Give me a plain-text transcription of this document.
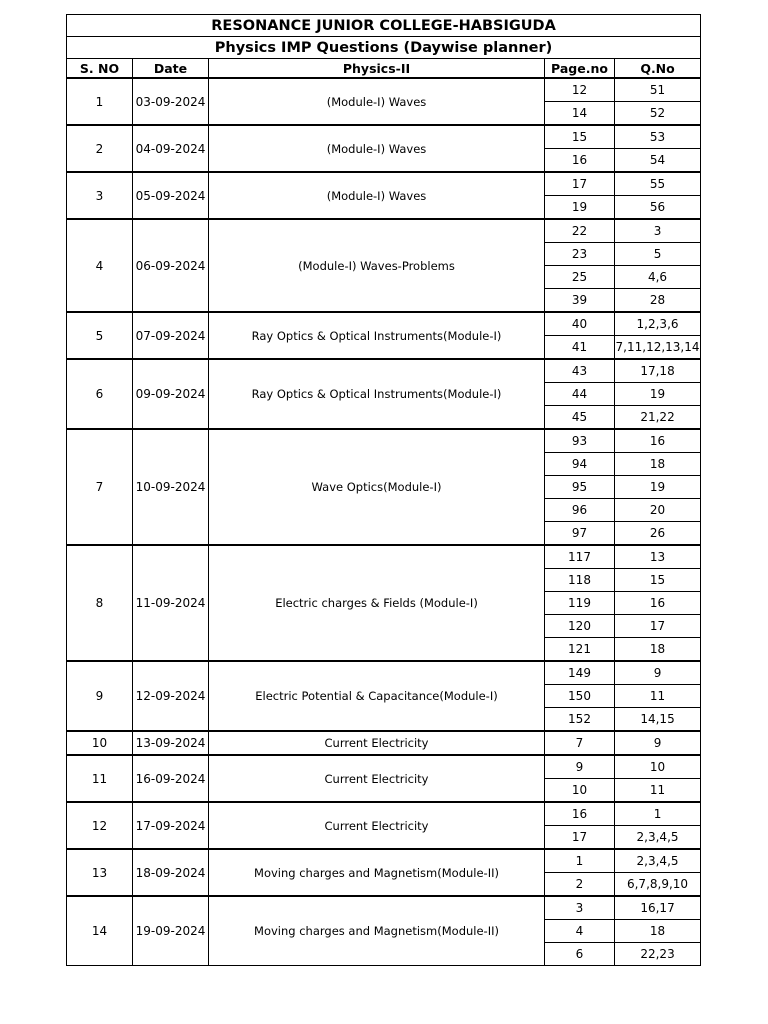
RESONANCE JUNIOR COLLEGE-HABSIGUDA				
Physics IMP Questions (Daywise planner)				
S. NO	Date	Physics-II	Page.no	Q.No
1	03-09-2024	(Module-I) Waves	12	51
			14	52
2	04-09-2024	(Module-I) Waves	15	53
			16	54
3	05-09-2024	(Module-I) Waves	17	55
			19	56
4	06-09-2024	(Module-I) Waves-Problems	22	3
			23	5
			25	4,6
			39	28
5	07-09-2024	Ray Optics & Optical Instruments(Module-I)	40	1,2,3,6
			41	7,11,12,13,14
6	09-09-2024	Ray Optics & Optical Instruments(Module-I)	43	17,18
			44	19
			45	21,22
7	10-09-2024	Wave Optics(Module-I)	93	16
			94	18
			95	19
			96	20
			97	26
8	11-09-2024	Electric charges & Fields (Module-I)	117	13
			118	15
			119	16
			120	17
			121	18
9	12-09-2024	Electric Potential & Capacitance(Module-I)	149	9
			150	11
			152	14,15
10	13-09-2024	Current Electricity	7	9
11	16-09-2024	Current Electricity	9	10
			10	11
12	17-09-2024	Current Electricity	16	1
			17	2,3,4,5
13	18-09-2024	Moving charges and Magnetism(Module-II)	1	2,3,4,5
			2	6,7,8,9,10
14	19-09-2024	Moving charges and Magnetism(Module-II)	3	16,17
			4	18
			6	22,23
